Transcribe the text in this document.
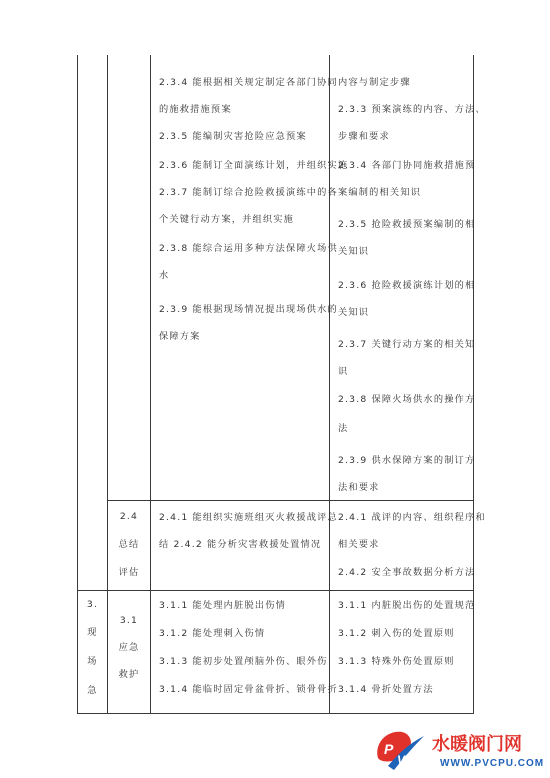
2.3.4 能根据相关规定制定各部门协同
的施救措施预案
2.3.5 能编制灾害抢险应急预案
2.3.6 能制订全面演练计划，并组织实施
2.3.7 能制订综合抢险救援演练中的各
个关键行动方案，并组织实施
2.3.8 能综合运用多种方法保障火场供
水
2.3.9 能根据现场情况提出现场供水的
保障方案
内容与制定步骤
2.3.3 预案演练的内容、方法、
步骤和要求
2.3.4 各部门协同施救措施预
案编制的相关知识
2.3.5 抢险救援预案编制的相
关知识
2.3.6 抢险救援演练计划的相
关知识
2.3.7 关键行动方案的相关知
识
2.3.8 保障火场供水的操作方
法
2.3.9 供水保障方案的制订方
法和要求
2.4
总结
评估
2.4.1 能组织实施班组灭火救援战评总
结 2.4.2 能分析灾害救援处置情况
2.4.1 战评的内容、组织程序和
相关要求
2.4.2 安全事故数据分析方法
3.
现
场
急
3.1
应急
救护
3.1.1 能处理内脏脱出伤情
3.1.2 能处理刺入伤情
3.1.3 能初步处置颅脑外伤、眼外伤
3.1.4 能临时固定骨盆骨折、锁骨骨折
3.1.1 内脏脱出伤的处置规范
3.1.2 刺入伤的处置原则
3.1.3 特殊外伤处置原则
3.1.4 骨折处置方法
P
V
水暖阀门网
WWW.PVCPU.COM
